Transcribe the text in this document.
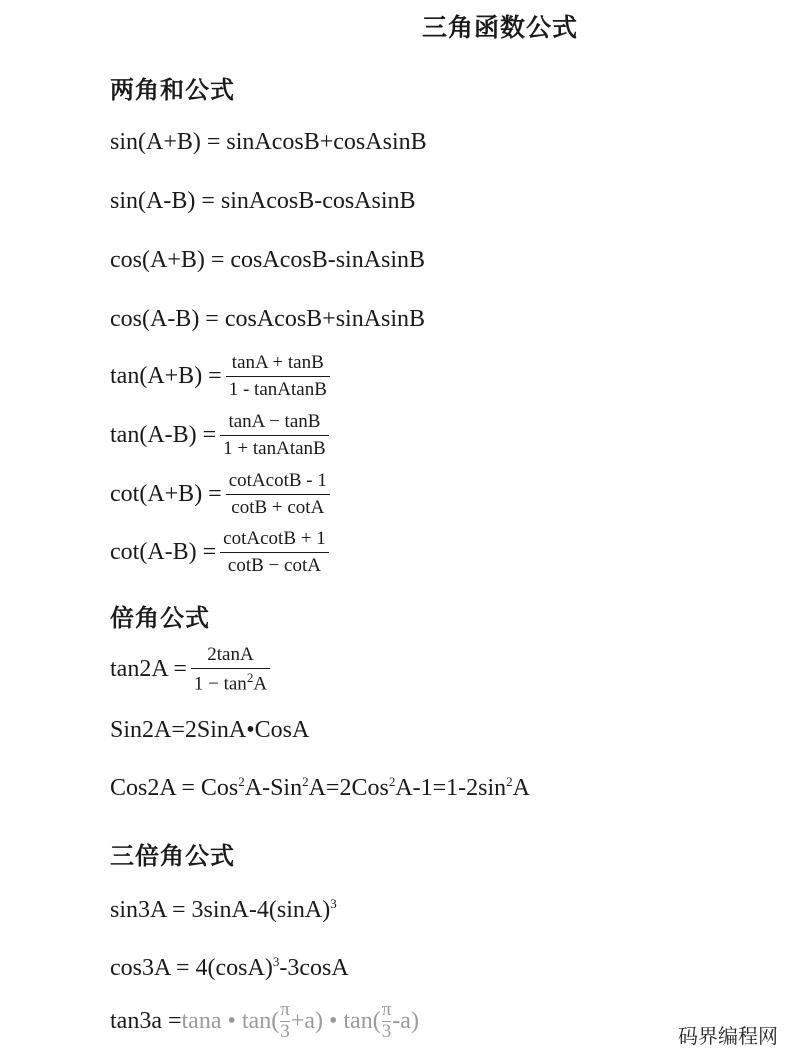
三角函数公式
两角和公式
sin(A+B) = sinAcosB+cosAsinB
sin(A-B) = sinAcosB-cosAsinB
cos(A+B) = cosAcosB-sinAsinB
cos(A-B) = cosAcosB+sinAsinB
$\tan(A+B) = \frac{\tan A + \tan B}{\text{1 - tanAtanB}}$
$\tan(A-B) = \frac{\tan A - \tan B}{\text{1 + tanAtanB}}$
$\cot(A+B) = \frac{\text{cotAcotB - 1}}{\cot B + \cot A}$
$\cot(A-B) = \frac{\text{cotAcotB + 1}}{\cot B - \cot A}$
倍角公式
$\tan 2A = \frac{2\tan A}{1 - \tan^2A}$
Sin2A=2SinA•CosA
$Cos2A = Cos^2A-Sin^2A=2Cos^2A-1=1-2\sin^2A$
三倍角公式
$\sin 3A = 3\sin A-4(\sin A)^3$
$\cos 3A = 4(\cos A)^3-3\cos A$
tan3a = tana • tan( π
3 +a) • tan( π
3 -a)
码界编程网
